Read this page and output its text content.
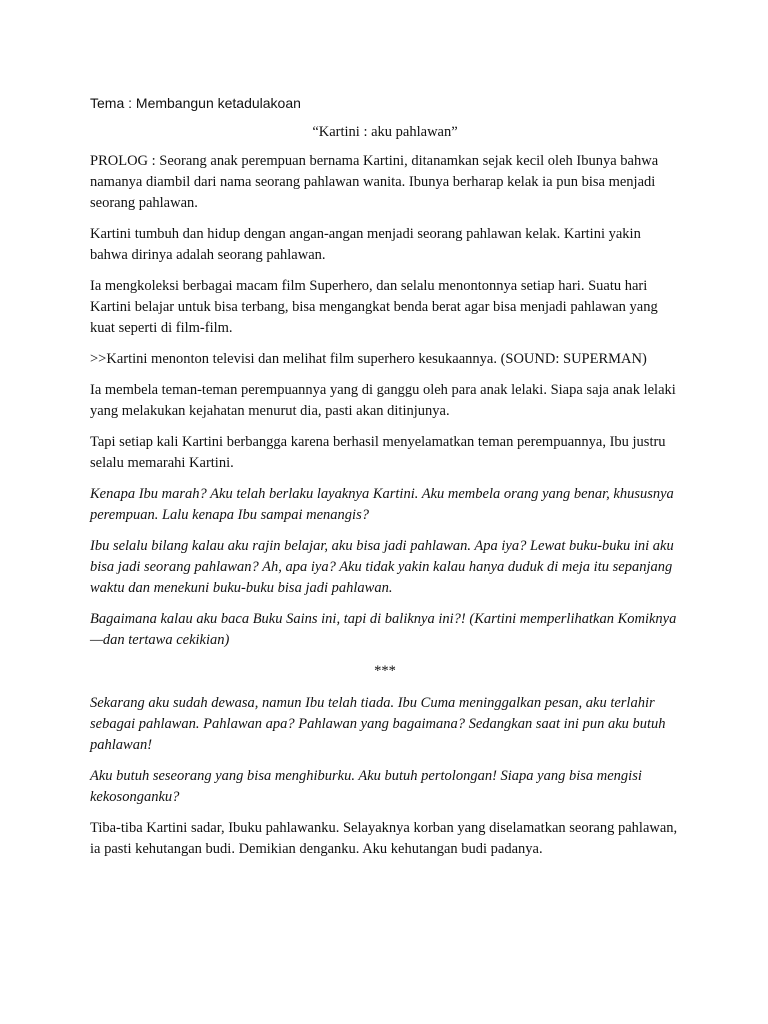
Tema : Membangun ketadulakoan

“Kartini : aku pahlawan”

PROLOG : Seorang anak perempuan bernama Kartini, ditanamkan sejak kecil oleh Ibunya bahwa namanya diambil dari nama seorang pahlawan wanita. Ibunya berharap kelak ia pun bisa menjadi seorang pahlawan.

Kartini tumbuh dan hidup dengan angan-angan menjadi seorang pahlawan kelak. Kartini yakin bahwa dirinya adalah seorang pahlawan.

Ia mengkoleksi berbagai macam film Superhero, dan selalu menontonnya setiap hari. Suatu hari Kartini belajar untuk bisa terbang, bisa mengangkat benda berat agar bisa menjadi pahlawan yang kuat seperti di film-film.

>>Kartini menonton televisi dan melihat film superhero kesukaannya. (SOUND: SUPERMAN)

Ia membela teman-teman perempuannya yang di ganggu oleh para anak lelaki. Siapa saja anak lelaki yang melakukan kejahatan menurut dia, pasti akan ditinjunya.

Tapi setiap kali Kartini berbangga karena berhasil menyelamatkan teman perempuannya, Ibu justru selalu memarahi Kartini.

Kenapa Ibu marah? Aku telah berlaku layaknya Kartini. Aku membela orang yang benar, khususnya perempuan. Lalu kenapa Ibu sampai menangis?

Ibu selalu bilang kalau aku rajin belajar, aku bisa jadi pahlawan. Apa iya? Lewat buku-buku ini aku bisa jadi seorang pahlawan? Ah, apa iya? Aku tidak yakin kalau hanya duduk di meja itu sepanjang waktu dan menekuni buku-buku bisa jadi pahlawan.

Bagaimana kalau aku baca Buku Sains ini, tapi di baliknya ini?! (Kartini memperlihatkan Komiknya—dan tertawa cekikian)

***

Sekarang aku sudah dewasa, namun Ibu telah tiada. Ibu Cuma meninggalkan pesan, aku terlahir sebagai pahlawan. Pahlawan apa? Pahlawan yang bagaimana? Sedangkan saat ini pun aku butuh pahlawan!

Aku butuh seseorang yang bisa menghiburku. Aku butuh pertolongan! Siapa yang bisa mengisi kekosonganku?

Tiba-tiba Kartini sadar, Ibuku pahlawanku. Selayaknya korban yang diselamatkan seorang pahlawan, ia pasti kehutangan budi. Demikian denganku. Aku kehutangan budi padanya.
